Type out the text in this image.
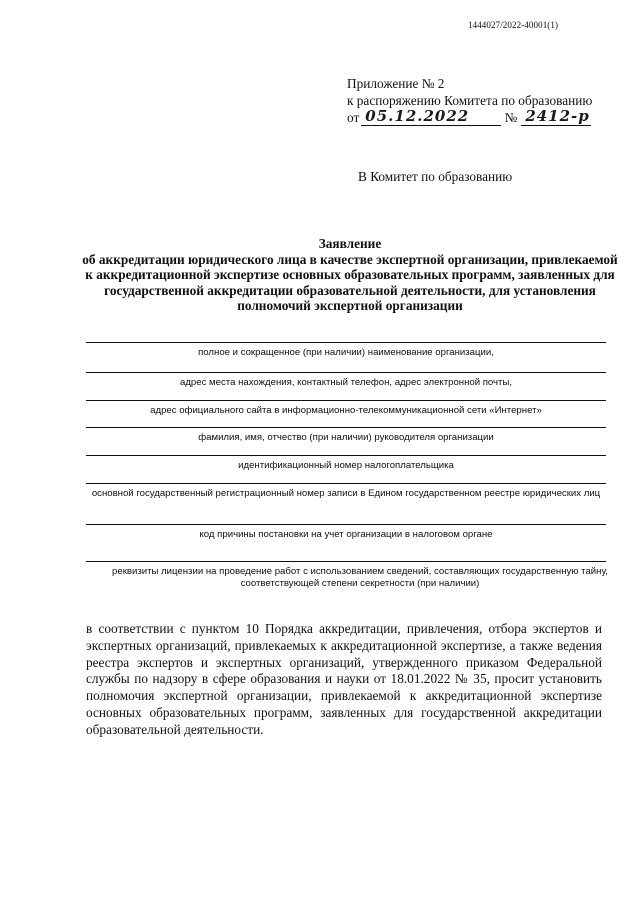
1444027/2022-40001(1)
Приложение № 2
к распоряжению Комитета по образованию
от 05.12.2022	№ 2412-р
В Комитет по образованию
Заявление
об аккредитации юридического лица в качестве экспертной организации, привлекаемой к аккредитационной экспертизе основных образовательных программ, заявленных для государственной аккредитации образовательной деятельности, для установления полномочий экспертной организации
полное и сокращенное (при наличии) наименование организации,
адрес места нахождения, контактный телефон, адрес электронной почты,
адрес официального сайта в информационно-телекоммуникационной сети «Интернет»
фамилия, имя, отчество (при наличии) руководителя организации
идентификационный номер налогоплательщика
основной государственный регистрационный номер записи в Едином государственном реестре юридических лиц
код причины постановки на учет организации в налоговом органе
реквизиты лицензии на проведение работ с использованием сведений, составляющих государственную тайну, соответствующей степени секретности (при наличии)
в соответствии с пунктом 10 Порядка аккредитации, привлечения, отбора экспертов и экспертных организаций, привлекаемых к аккредитационной экспертизе, а также ведения реестра экспертов и экспертных организаций, утвержденного приказом Федеральной службы по надзору в сфере образования и науки от 18.01.2022 № 35, просит установить полномочия экспертной организации, привлекаемой к аккредитационной экспертизе основных образовательных программ, заявленных для государственной аккредитации образовательной деятельности.
